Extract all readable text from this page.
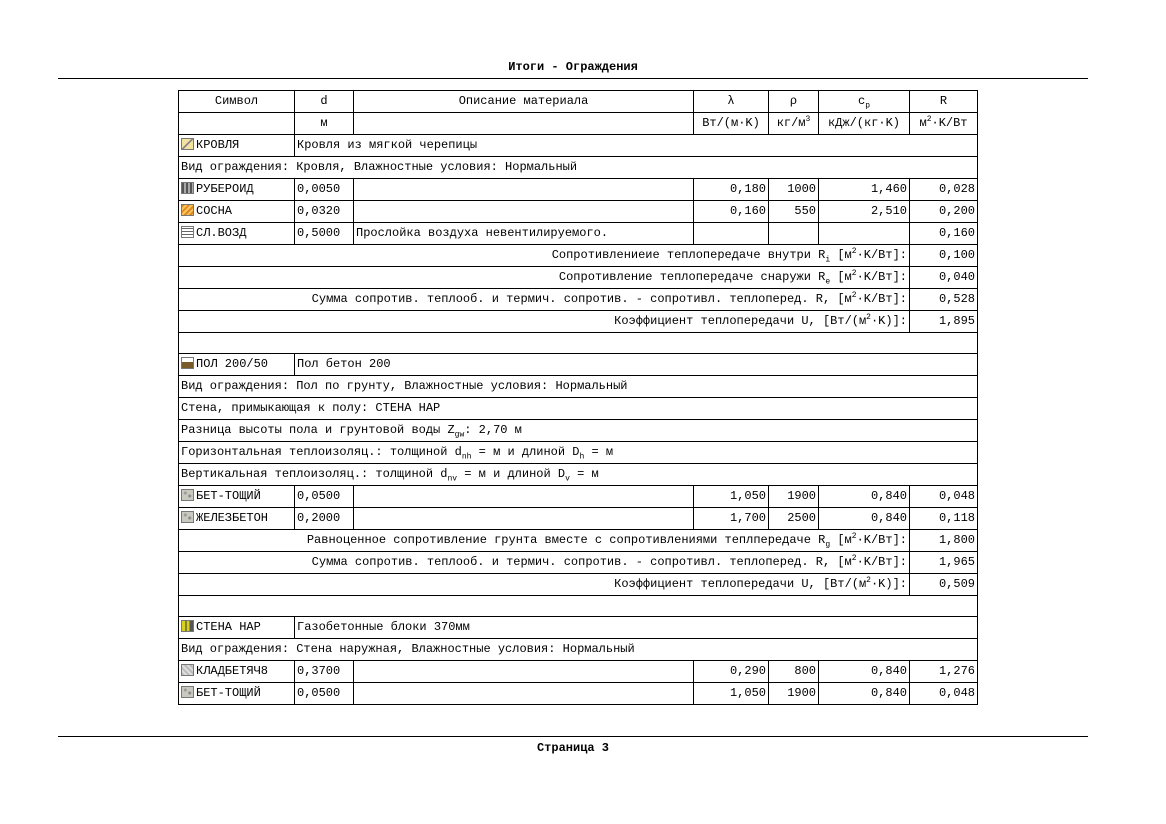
Итоги - Ограждения
Символ	d	Описание материала	λ	ρ	$c_p$	R
	м		Вт/(м·K)	$кг/м^3$	кДж/(кг·K)	$м^2\cdot K/Вт$
КРОВЛЯ	Кровля из мягкой черепицы					
Вид ограждения: Кровля, Влажностные условия: Нормальный						
РУБЕРОИД	0,0050		0,180	1000	1,460	0,028
СОСНА	0,0320		0,160	550	2,510	0,200
СЛ.ВОЗД	0,5000	Прослойка воздуха невентилируемого.				0,160
Сопротивлениеие теплопередаче внутри $R_i$ $[м^2\cdot K/Вт]$:						0,100
Сопротивление теплопередаче снаружи $R_e$ $[м^2\cdot K/Вт]$:						0,040
Сумма сопротив. теплооб. и термич. сопротив. - сопротивл. теплоперед. R, $[м^2\cdot K/Вт]$:						0,528
Коэффициент теплопередачи U, $[Вт/(м^2\cdot K)]$:						1,895

ПОЛ 200/50	Пол бетон 200					
Вид ограждения: Пол по грунту, Влажностные условия: Нормальный						
Стена, примыкающая к полу: СТЕНА НАР						
Разница высоты пола и грунтовой воды $Z_{gw}$: 2,70 м						
Горизонтальная теплоизоляц.: толщиной $d_{nh} = м$ и длиной $D_h = м$						
Вертикальная теплоизоляц.: толщиной $d_{nv} = м$ и длиной $D_v = м$						
БЕТ-ТОЩИЙ	0,0500		1,050	1900	0,840	0,048
ЖЕЛЕЗБЕТОН	0,2000		1,700	2500	0,840	0,118
Равноценное сопротивление грунта вместе с сопротивлениями теплпередаче $R_g$ $[м^2\cdot K/Вт]$:						1,800
Сумма сопротив. теплооб. и термич. сопротив. - сопротивл. теплоперед. R, $[м^2\cdot K/Вт]$:						1,965
Коэффициент теплопередачи U, $[Вт/(м^2\cdot K)]$:						0,509

СТЕНА НАР	Газобетонные блоки 370мм					
Вид ограждения: Стена наружная, Влажностные условия: Нормальный						
КЛАДБЕТЯЧ8	0,3700		0,290	800	0,840	1,276
БЕТ-ТОЩИЙ	0,0500		1,050	1900	0,840	0,048
Страница 3
